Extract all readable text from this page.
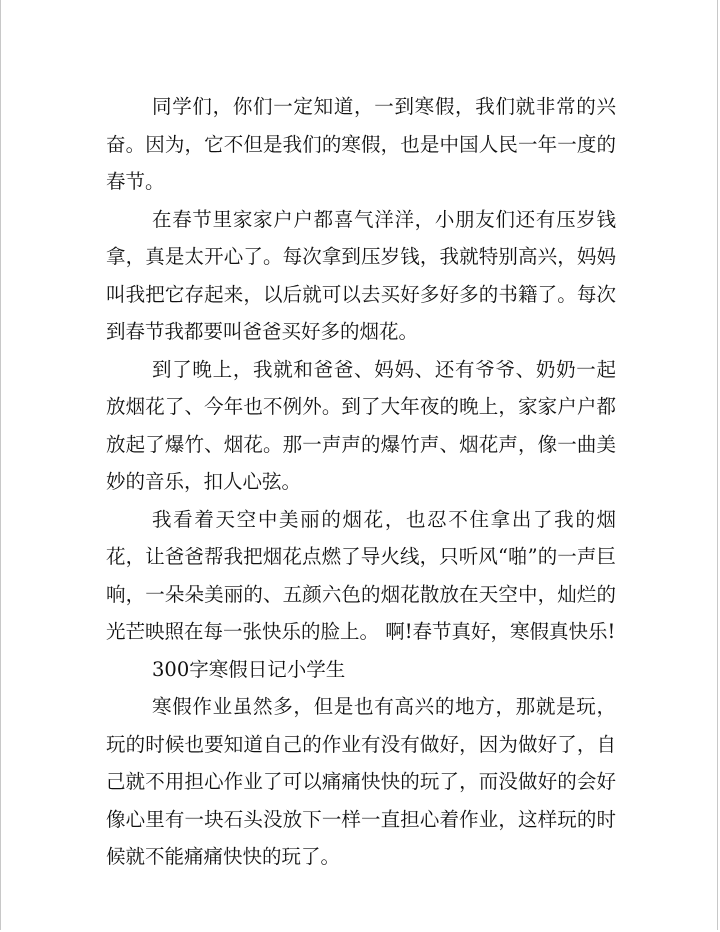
同学们，你们一定知道，一到寒假，我们就非常的兴奋。因为，它不但是我们的寒假，也是中国人民一年一度的春节。

在春节里家家户户都喜气洋洋，小朋友们还有压岁钱拿，真是太开心了。每次拿到压岁钱，我就特别高兴，妈妈叫我把它存起来，以后就可以去买好多好多的书籍了。每次到春节我都要叫爸爸买好多的烟花。

到了晚上，我就和爸爸、妈妈、还有爷爷、奶奶一起放烟花了、今年也不例外。到了大年夜的晚上，家家户户都放起了爆竹、烟花。那一声声的爆竹声、烟花声，像一曲美妙的音乐，扣人心弦。

我看着天空中美丽的烟花，也忍不住拿出了我的烟花，让爸爸帮我把烟花点燃了导火线，只听风“啪”的一声巨响，一朵朵美丽的、五颜六色的烟花散放在天空中，灿烂的光芒映照在每一张快乐的脸上。 啊!春节真好，寒假真快乐!

300字寒假日记小学生

寒假作业虽然多，但是也有高兴的地方，那就是玩，玩的时候也要知道自己的作业有没有做好，因为做好了，自己就不用担心作业了可以痛痛快快的玩了，而没做好的会好像心里有一块石头没放下一样一直担心着作业，这样玩的时候就不能痛痛快快的玩了。
